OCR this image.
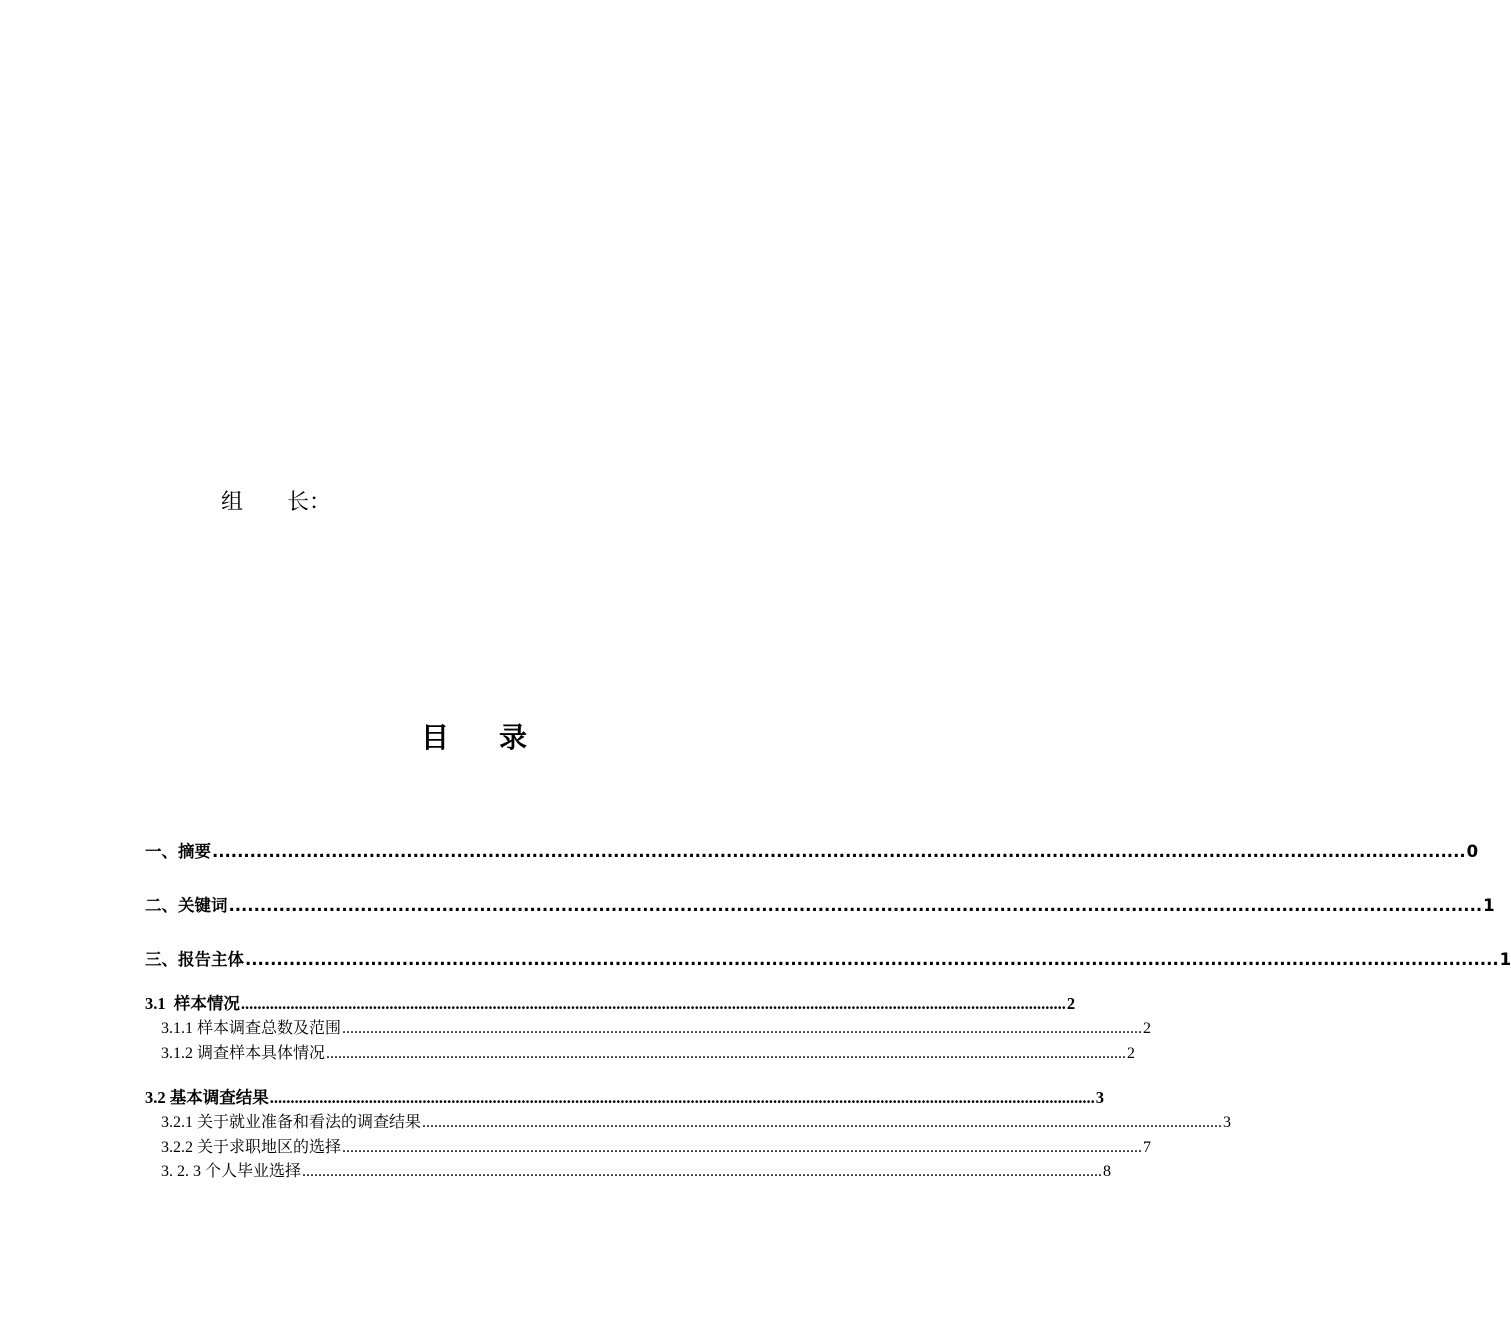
组	长：
目 录
一、摘要 ........................................................................................................................................................................................................ 0
二、关键词 ........................................................................................................................................................................................................ 1
三、报告主体 ........................................................................................................................................................................................................ 1
3.1  样本情况 ........................................................................................................................................................................................................ 2
3.1.1 样本调查总数及范围 ........................................................................................................................................................................................................ 2
3.1.2 调查样本具体情况 ........................................................................................................................................................................................................ 2
3.2 基本调查结果 ........................................................................................................................................................................................................ 3
3.2.1 关于就业准备和看法的调查结果 ........................................................................................................................................................................................................ 3
3.2.2 关于求职地区的选择 ........................................................................................................................................................................................................ 7
3. 2. 3 个人毕业选择 ........................................................................................................................................................................................................ 8
